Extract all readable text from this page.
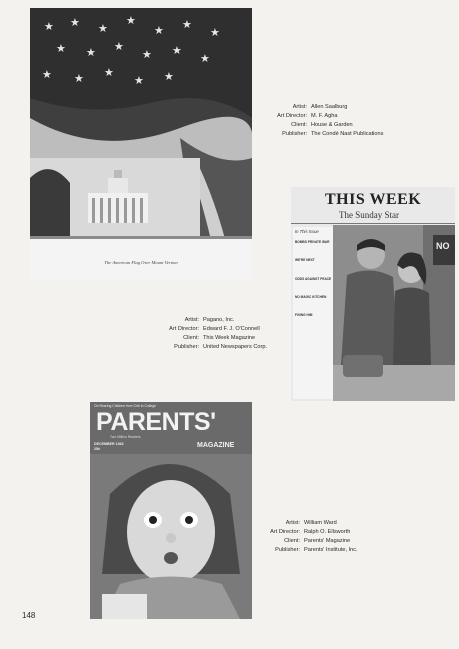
★ ★ ★
★
★ ★
★
★ ★ ★
★ ★
★
★ ★ ★
★ ★
The American Flag Over Mount Vernon
Artist: Allen Saalburg
Art Director: M. F. Agha
Client: House & Garden
Publisher: The Condé Nast Publications
THIS WEEK
The Sunday Star
In This Issue
BOMBS PRIVATE WAR
WE'RE NEXT
ODDS AGAINST PEACE
NO MAGIC KITCHEN
FIXING HIM
NO
Artist: Pagano, Inc.
Art Director: Edward F. J. O'Connell
Client: This Week Magazine
Publisher: United Newspapers Corp.
On Rearing Children from Crib to College
PARENTS'
MAGAZINE
Two Million Readers
DECEMBER 1943
25¢
Artist: William Ward
Art Director: Ralph O. Ellsworth
Client: Parents' Magazine
Publisher: Parents' Institute, Inc.
148
